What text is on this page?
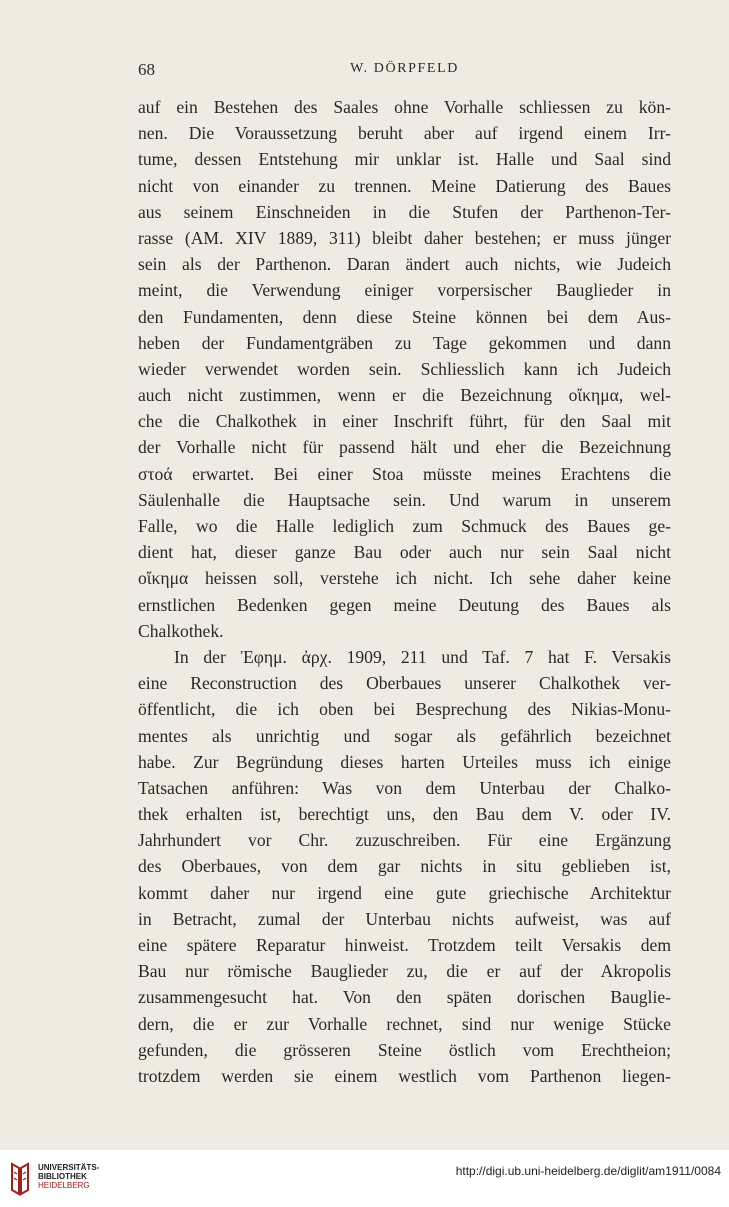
68	W. DÖRPFELD
auf ein Bestehen des Saales ohne Vorhalle schliessen zu kön-
nen. Die Voraussetzung beruht aber auf irgend einem Irr-
tume, dessen Entstehung mir unklar ist. Halle und Saal sind
nicht von einander zu trennen. Meine Datierung des Baues
aus seinem Einschneiden in die Stufen der Parthenon-Ter-
rasse (AM. XIV 1889, 311) bleibt daher bestehen; er muss jünger
sein als der Parthenon. Daran ändert auch nichts, wie Judeich
meint, die Verwendung einiger vorpersischer Bauglieder in
den Fundamenten, denn diese Steine können bei dem Aus-
heben der Fundamentgräben zu Tage gekommen und dann
wieder verwendet worden sein. Schliesslich kann ich Judeich
auch nicht zustimmen, wenn er die Bezeichnung οἴκημα, wel-
che die Chalkothek in einer Inschrift führt, für den Saal mit
der Vorhalle nicht für passend hält und eher die Bezeichnung
στοά erwartet. Bei einer Stoa müsste meines Erachtens die
Säulenhalle die Hauptsache sein. Und warum in unserem
Falle, wo die Halle lediglich zum Schmuck des Baues ge-
dient hat, dieser ganze Bau oder auch nur sein Saal nicht
οἴκημα heissen soll, verstehe ich nicht. Ich sehe daher keine
ernstlichen Bedenken gegen meine Deutung des Baues als
Chalkothek.
In der Ἐφημ. ἀρχ. 1909, 211 und Taf. 7 hat F. Versakis
eine Reconstruction des Oberbaues unserer Chalkothek ver-
öffentlicht, die ich oben bei Besprechung des Nikias-Monu-
mentes als unrichtig und sogar als gefährlich bezeichnet
habe. Zur Begründung dieses harten Urteiles muss ich einige
Tatsachen anführen: Was von dem Unterbau der Chalko-
thek erhalten ist, berechtigt uns, den Bau dem V. oder IV.
Jahrhundert vor Chr. zuzuschreiben. Für eine Ergänzung
des Oberbaues, von dem gar nichts in situ geblieben ist,
kommt daher nur irgend eine gute griechische Architektur
in Betracht, zumal der Unterbau nichts aufweist, was auf
eine spätere Reparatur hinweist. Trotzdem teilt Versakis dem
Bau nur römische Bauglieder zu, die er auf der Akropolis
zusammengesucht hat. Von den späten dorischen Bauglie-
dern, die er zur Vorhalle rechnet, sind nur wenige Stücke
gefunden, die grösseren Steine östlich vom Erechtheion;
trotzdem werden sie einem westlich vom Parthenon liegen-
UNIVERSITÄTS-
BIBLIOTHEK
HEIDELBERG
http://digi.ub.uni-heidelberg.de/diglit/am1911/0084
